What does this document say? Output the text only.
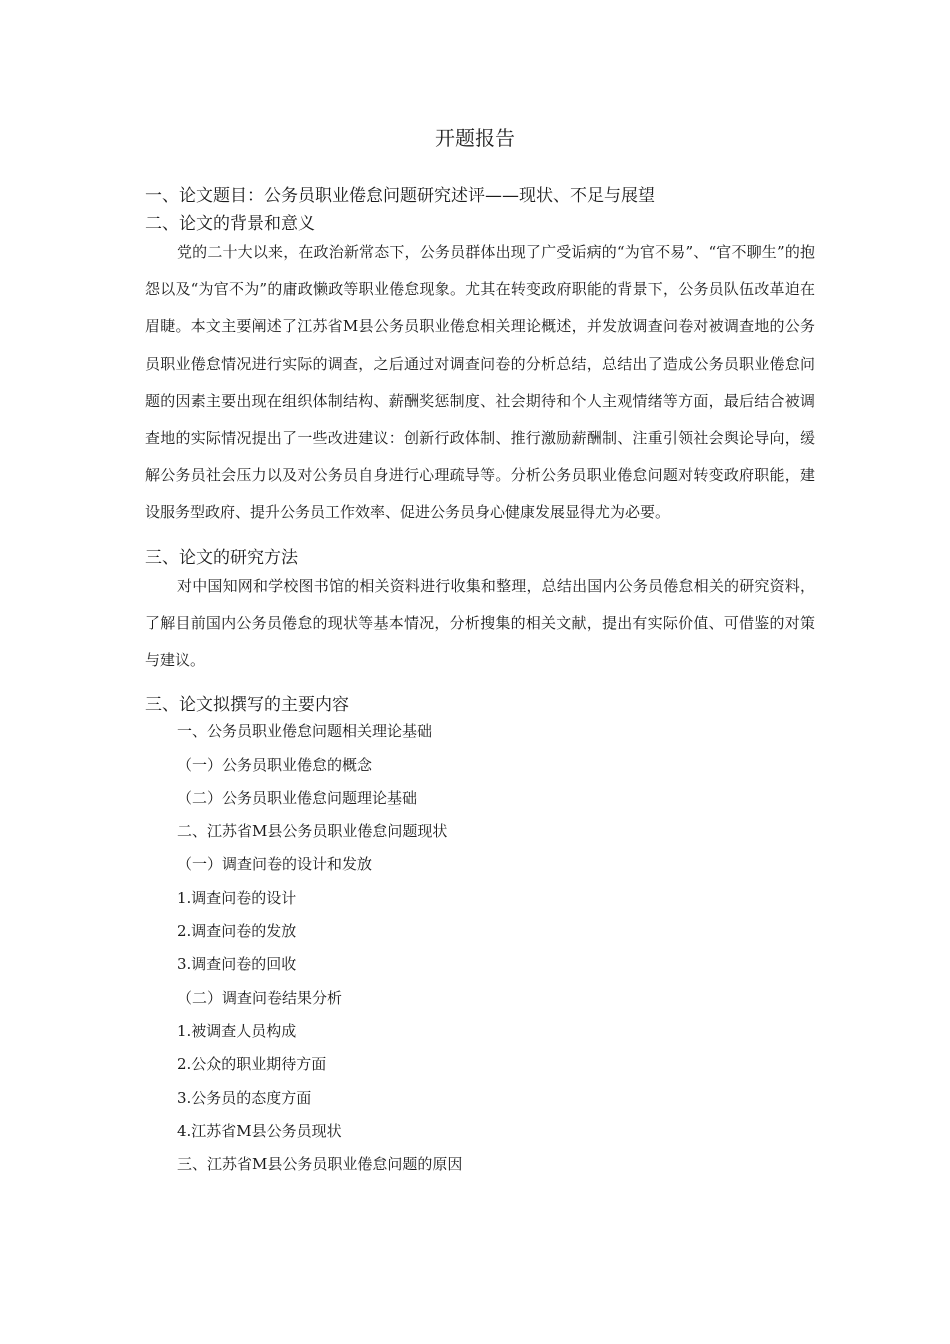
开题报告
一、论文题目：公务员职业倦怠问题研究述评——现状、不足与展望
二、论文的背景和意义

党的二十大以来，在政治新常态下，公务员群体出现了广受诟病的“为官不易”、“官不聊生”的抱怨以及“为官不为”的庸政懒政等职业倦怠现象。尤其在转变政府职能的背景下，公务员队伍改革迫在眉睫。本文主要阐述了江苏省M县公务员职业倦怠相关理论概述，并发放调查问卷对被调查地的公务员职业倦怠情况进行实际的调查，之后通过对调查问卷的分析总结，总结出了造成公务员职业倦怠问题的因素主要出现在组织体制结构、薪酬奖惩制度、社会期待和个人主观情绪等方面，最后结合被调查地的实际情况提出了一些改进建议：创新行政体制、推行激励薪酬制、注重引领社会舆论导向，缓解公务员社会压力以及对公务员自身进行心理疏导等。分析公务员职业倦怠问题对转变政府职能，建设服务型政府、提升公务员工作效率、促进公务员身心健康发展显得尤为必要。

三、论文的研究方法

对中国知网和学校图书馆的相关资料进行收集和整理，总结出国内公务员倦怠相关的研究资料，了解目前国内公务员倦怠的现状等基本情况，分析搜集的相关文献，提出有实际价值、可借鉴的对策与建议。

三、论文拟撰写的主要内容
一、公务员职业倦怠问题相关理论基础
（一）公务员职业倦怠的概念
（二）公务员职业倦怠问题理论基础
二、江苏省M县公务员职业倦怠问题现状
（一）调查问卷的设计和发放
1.调查问卷的设计
2.调查问卷的发放
3.调查问卷的回收
（二）调查问卷结果分析
1.被调查人员构成
2.公众的职业期待方面
3.公务员的态度方面
4.江苏省M县公务员现状
三、江苏省M县公务员职业倦怠问题的原因
